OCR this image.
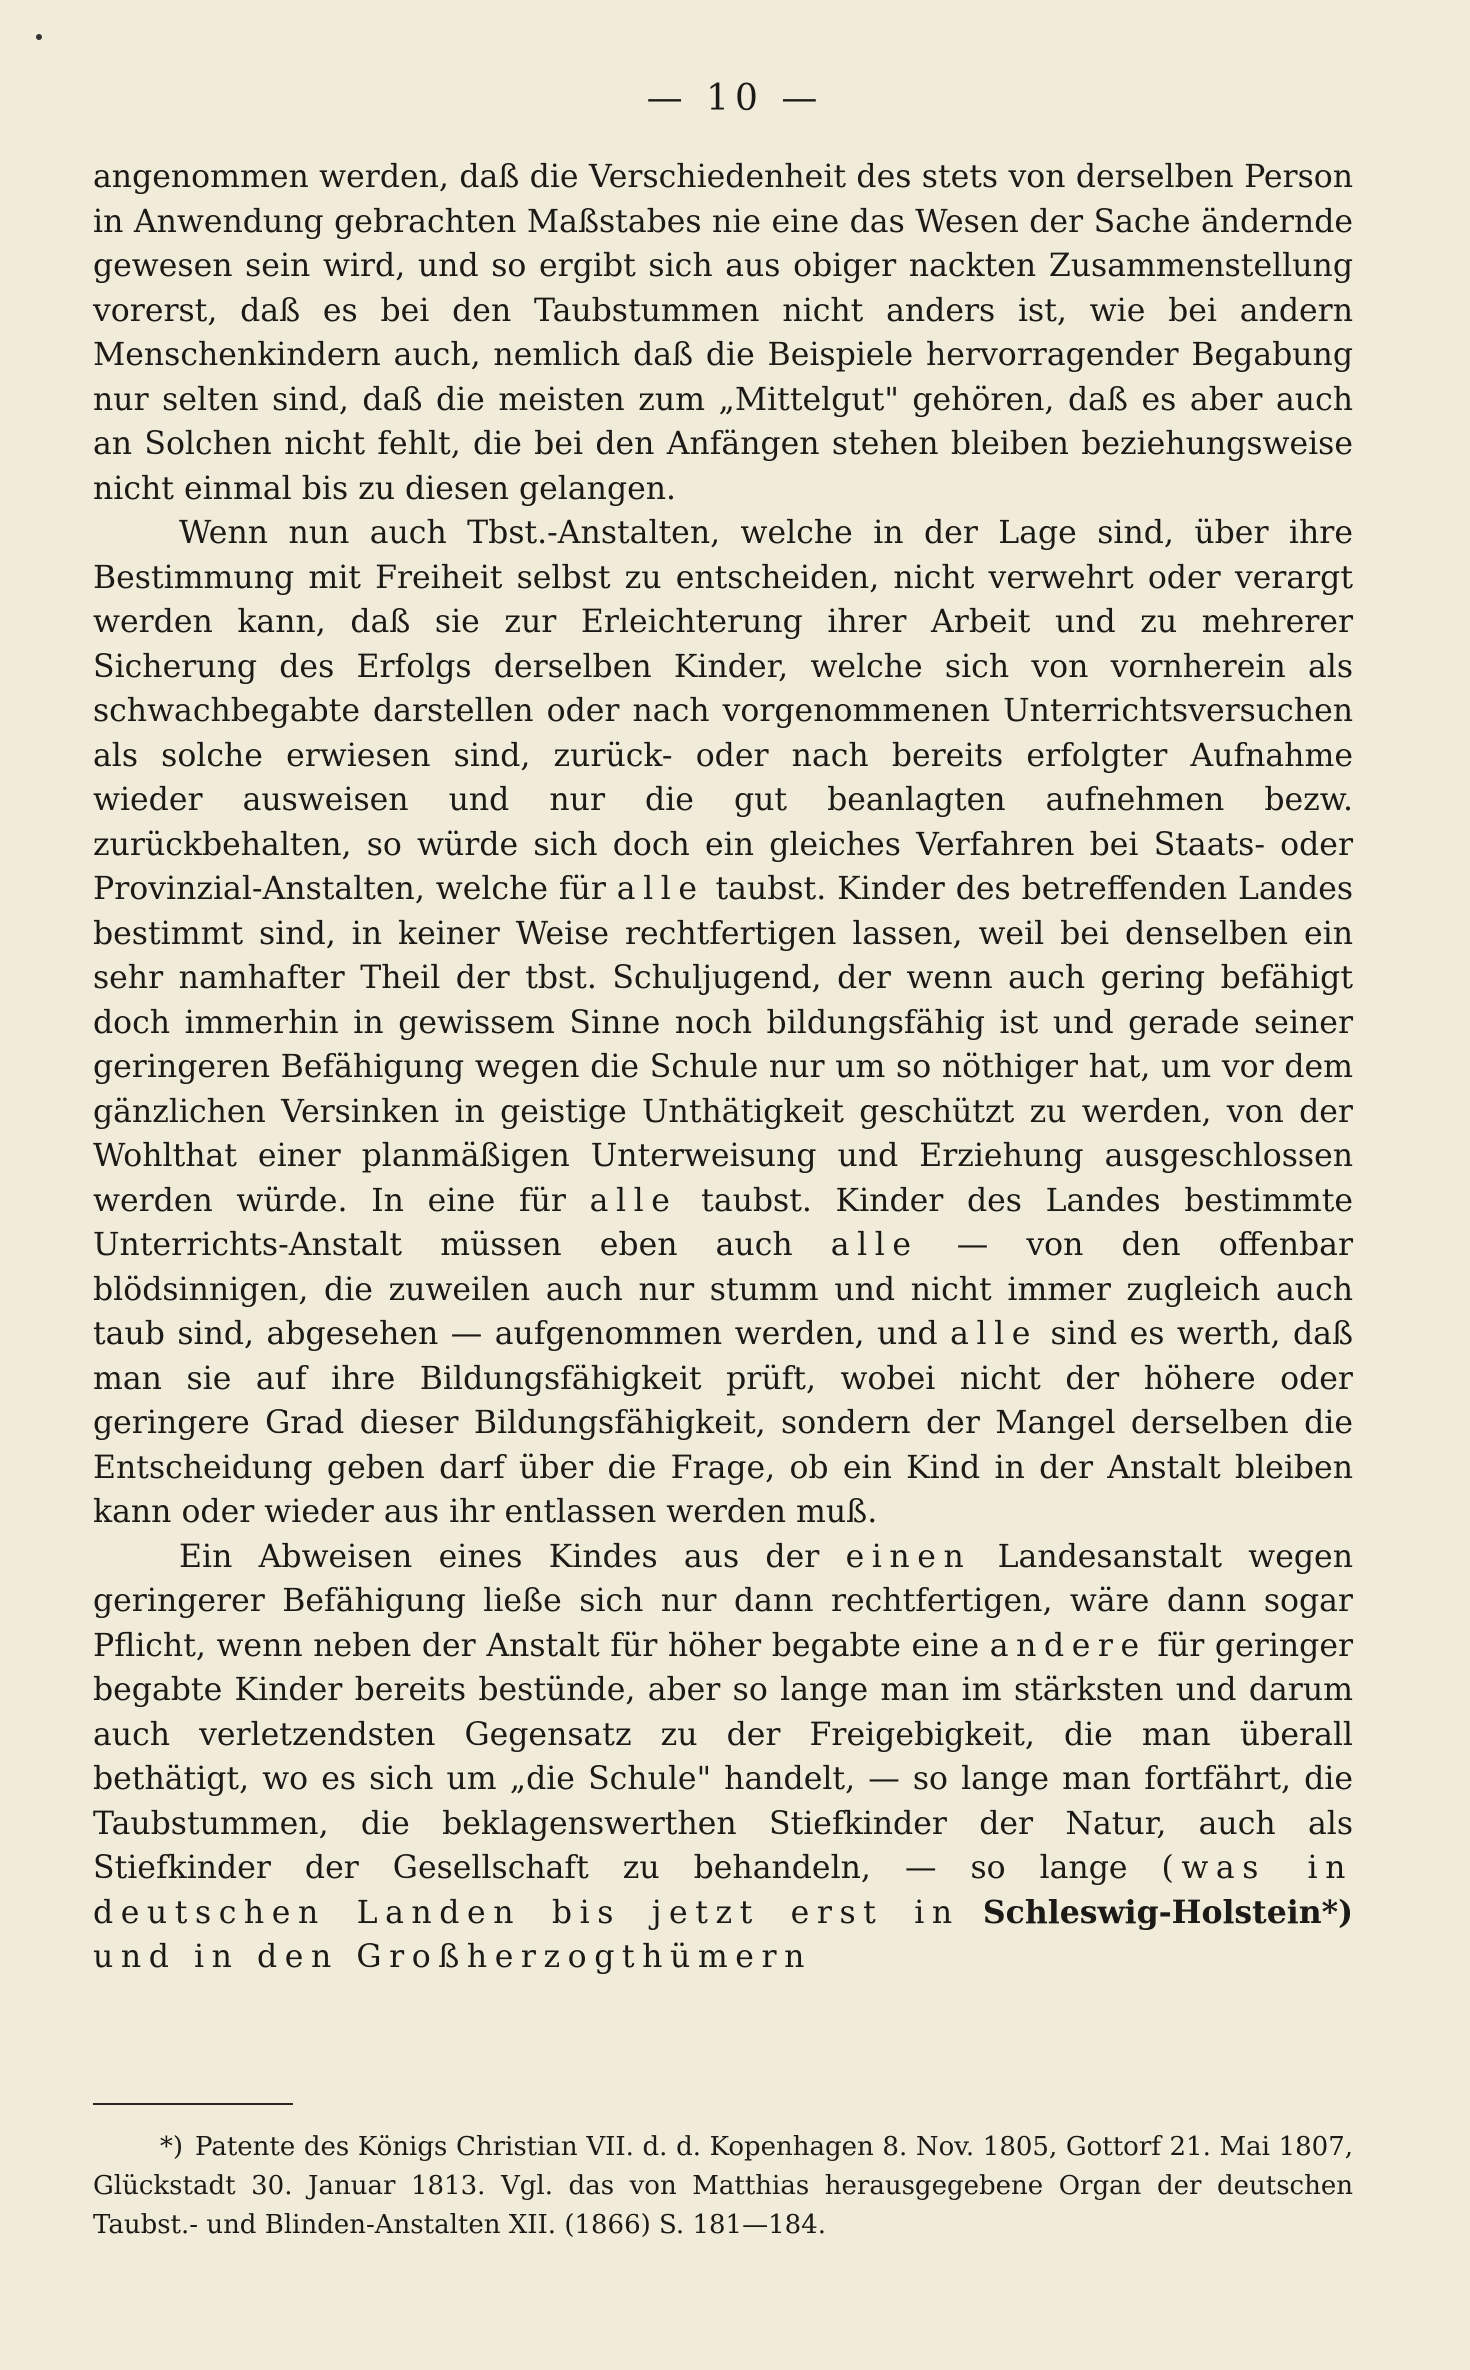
— 10 —

angenommen werden, daß die Verschiedenheit des stets von derselben Person in Anwendung gebrachten Maßstabes nie eine das Wesen der Sache ändernde gewesen sein wird, und so ergibt sich aus obiger nackten Zusammenstellung vorerst, daß es bei den Taubstummen nicht anders ist, wie bei andern Menschenkindern auch, nemlich daß die Beispiele hervorragender Begabung nur selten sind, daß die meisten zum „Mittelgut" gehören, daß es aber auch an Solchen nicht fehlt, die bei den Anfängen stehen bleiben beziehungsweise nicht einmal bis zu diesen gelangen.

Wenn nun auch Tbst.-Anstalten, welche in der Lage sind, über ihre Bestimmung mit Freiheit selbst zu entscheiden, nicht verwehrt oder verargt werden kann, daß sie zur Erleichterung ihrer Arbeit und zu mehrerer Sicherung des Erfolgs derselben Kinder, welche sich von vornherein als schwachbegabte darstellen oder nach vorgenommenen Unterrichtsversuchen als solche erwiesen sind, zurück- oder nach bereits erfolgter Aufnahme wieder ausweisen und nur die gut beanlagten aufnehmen bezw. zurückbehalten, so würde sich doch ein gleiches Verfahren bei Staats- oder Provinzial-Anstalten, welche für alle taubst. Kinder des betreffenden Landes bestimmt sind, in keiner Weise rechtfertigen lassen, weil bei denselben ein sehr namhafter Theil der tbst. Schuljugend, der wenn auch gering befähigt doch immerhin in gewissem Sinne noch bildungsfähig ist und gerade seiner geringeren Befähigung wegen die Schule nur um so nöthiger hat, um vor dem gänzlichen Versinken in geistige Unthätigkeit geschützt zu werden, von der Wohlthat einer planmäßigen Unterweisung und Erziehung ausgeschlossen werden würde. In eine für alle taubst. Kinder des Landes bestimmte Unterrichts-Anstalt müssen eben auch alle — von den offenbar blödsinnigen, die zuweilen auch nur stumm und nicht immer zugleich auch taub sind, abgesehen — aufgenommen werden, und alle sind es werth, daß man sie auf ihre Bildungsfähigkeit prüft, wobei nicht der höhere oder geringere Grad dieser Bildungsfähigkeit, sondern der Mangel derselben die Entscheidung geben darf über die Frage, ob ein Kind in der Anstalt bleiben kann oder wieder aus ihr entlassen werden muß.

Ein Abweisen eines Kindes aus der einen Landesanstalt wegen geringerer Befähigung ließe sich nur dann rechtfertigen, wäre dann sogar Pflicht, wenn neben der Anstalt für höher begabte eine andere für geringer begabte Kinder bereits bestünde, aber so lange man im stärksten und darum auch verletzendsten Gegensatz zu der Freigebigkeit, die man überall bethätigt, wo es sich um „die Schule" handelt, — so lange man fortfährt, die Taubstummen, die beklagenswerthen Stiefkinder der Natur, auch als Stiefkinder der Gesellschaft zu behandeln, — so lange (was in deutschen Landen bis jetzt erst in Schleswig-Holstein*) und in den Großherzogthümern

*) Patente des Königs Christian VII. d. d. Kopenhagen 8. Nov. 1805, Gottorf 21. Mai 1807, Glückstadt 30. Januar 1813. Vgl. das von Matthias herausgegebene Organ der deutschen Taubst.- und Blinden-Anstalten XII. (1866) S. 181—184.
